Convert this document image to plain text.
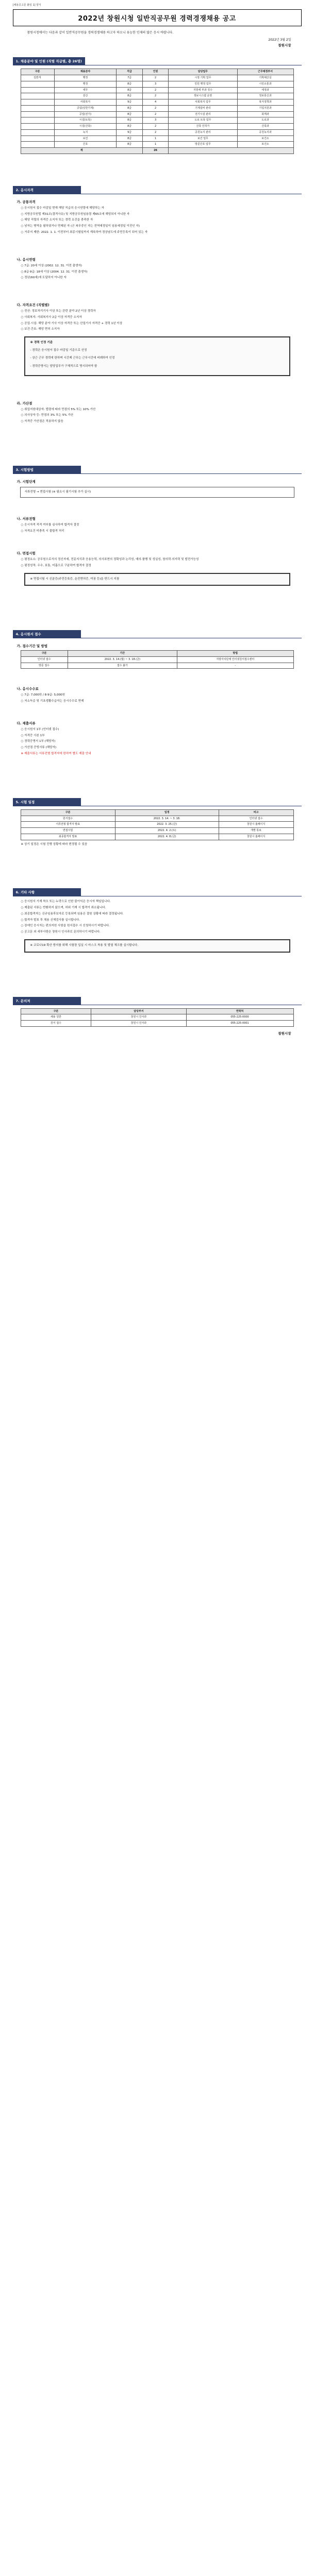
[채용공고문 붙임 1] 양식
2022년 창원시청 일반직공무원 경력경쟁채용 공고
창원시청에서는 다음과 같이 일반직공무원을 경력경쟁채용 하고자 하오니 유능한 인재의 많은 응시 바랍니다.
2022년 3월 2일
창원시장
1. 채용분야 및 인원 (직렬 직급별, 총 26명)
구분	채용분야	직급	인원	담당업무	근무예정부서
일반직	행정	7급	2	시정 기획 업무	기획예산실
	행정	8급	3	민원 행정 업무	시민소통과
	세무	8급	2	지방세 부과 징수	세정과
	전산	8급	2	정보시스템 운영	정보통신과
	사회복지	9급	4	사회복지 업무	복지정책과
	공업(일반기계)	8급	2	기계설비 관리	기업지원과
	공업(전기)	8급	2	전기시설 관리	회계과
	시설(토목)	8급	3	도로 토목 업무	도로과
	시설(건축)	8급	2	건축 인허가	건축과
	녹지	9급	2	공원녹지 관리	공원녹지과
	보건	8급	1	보건 업무	보건소
	간호	8급	1	방문간호 업무	보건소
계			26		
2. 응시자격
가. 공통자격

○ 응시원서 접수 마감일 현재 해당 직급의 응시연령에 해당하는 자

○ 지방공무원법 제31조(결격사유) 및 지방공무원임용령 제65조에 해당되지 아니한 자

○ 해당 직렬의 자격증 소지자 또는 경력 요건을 충족한 자

○ 남자는 병역을 필하였거나 면제된 자 (군 복무중인 자는 전역예정일이 임용예정일 이전인 자)

○ 거주지 제한: 2022. 1. 1. 이전부터 최종시험일까지 계속하여 경상남도에 주민등록이 되어 있는 자

나. 응시연령

○ 7급: 20세 이상 (2002. 12. 31. 이전 출생자)

○ 8급·9급: 18세 이상 (2004. 12. 31. 이전 출생자)

○ 정년(60세)에 도달하지 아니한 자

다. 자격요건 (직렬별)

○ 전산: 정보처리기사 이상 또는 관련 분야 2년 이상 경력자

○ 사회복지: 사회복지사 2급 이상 자격증 소지자

○ 공업·시설: 해당 분야 기사 이상 자격증 또는 산업기사 자격증 + 경력 1년 이상

○ 보건·간호: 해당 면허 소지자

※ 경력 인정 기준

- 경력은 응시원서 접수 마감일 기준으로 산정

- 상근 근무 경력에 한하며 시간제 근무는 근무시간에 비례하여 인정

- 경력증명서는 담당업무가 구체적으로 명시되어야 함

라. 가산점

○ 취업지원대상자: 법령에 따라 만점의 5% 또는 10% 가산

○ 의사상자 등: 만점의 3% 또는 5% 가산

○ 자격증 가산점은 적용하지 않음

3. 시험방법
가. 시험단계
서류전형 → 면접시험 (※ 필요시 필기시험 추가 실시)
나. 서류전형

○ 응시자격 적격 여부를 심사하여 합격자 결정

○ 자격요건 미충족 시 불합격 처리

다. 면접시험

○ 평정요소: 공무원으로서의 정신자세, 전문지식과 응용능력, 의사표현의 정확성과 논리성, 예의·품행 및 성실성, 창의력·의지력 및 발전가능성

○ 평정성적: 우수, 보통, 미흡으로 구분하여 합격자 결정

※ 면접시험 시 신분증(주민등록증, 운전면허증, 여권 등)을 반드시 지참
4. 응시원서 접수
가. 접수기간 및 방법
구분	기간	방법
인터넷 접수	2022. 3. 14.(월) ~ 3. 18.(금)	지방자치단체 인터넷원서접수센터
방문 접수	접수 불가	-
나. 응시수수료

○ 7급: 7,000원 / 8·9급: 5,000원

○ 저소득층 및 기초생활수급자는 응시수수료 면제

다. 제출서류

○ 응시원서 1부 (인터넷 접수)

○ 자격증 사본 1부

○ 경력증명서 1부 (해당자)

○ 가산점 증빙서류 (해당자)

※ 제출서류는 서류전형 합격자에 한하여 별도 제출 안내

5. 시험 일정
구분	일정	비고
원서접수	2022. 3. 14. ~ 3. 18.	인터넷 접수
서류전형 합격자 발표	2022. 3. 25.(금)	창원시 홈페이지
면접시험	2022. 4. 2.(토)	개별 통보
최종합격자 발표	2022. 4. 8.(금)	창원시 홈페이지

※ 상기 일정은 시험 진행 상황에 따라 변경될 수 있음

6. 기타 사항

○ 응시원서 기재 착오 또는 누락으로 인한 불이익은 응시자 책임입니다.

○ 제출된 서류는 반환하지 않으며, 허위 기재 시 합격이 취소됩니다.

○ 최종합격자는 신규임용후보자로 등록되며 임용은 결원 상황에 따라 결정됩니다.

○ 합격자 발표 후 채용 신체검사를 실시합니다.

○ 장애인 응시자는 편의지원 사항을 원서접수 시 신청하시기 바랍니다.

○ 공고문 외 세부사항은 창원시 인사과로 문의하시기 바랍니다.

※ 코로나19 확산 방지를 위해 시험장 입실 시 마스크 착용 및 발열 체크를 실시합니다.
7. 문의처
구분	담당부서	연락처
채용 일반	창원시 인사과	055-225-0000
원서 접수	창원시 인사과	055-225-0001
창원시장
